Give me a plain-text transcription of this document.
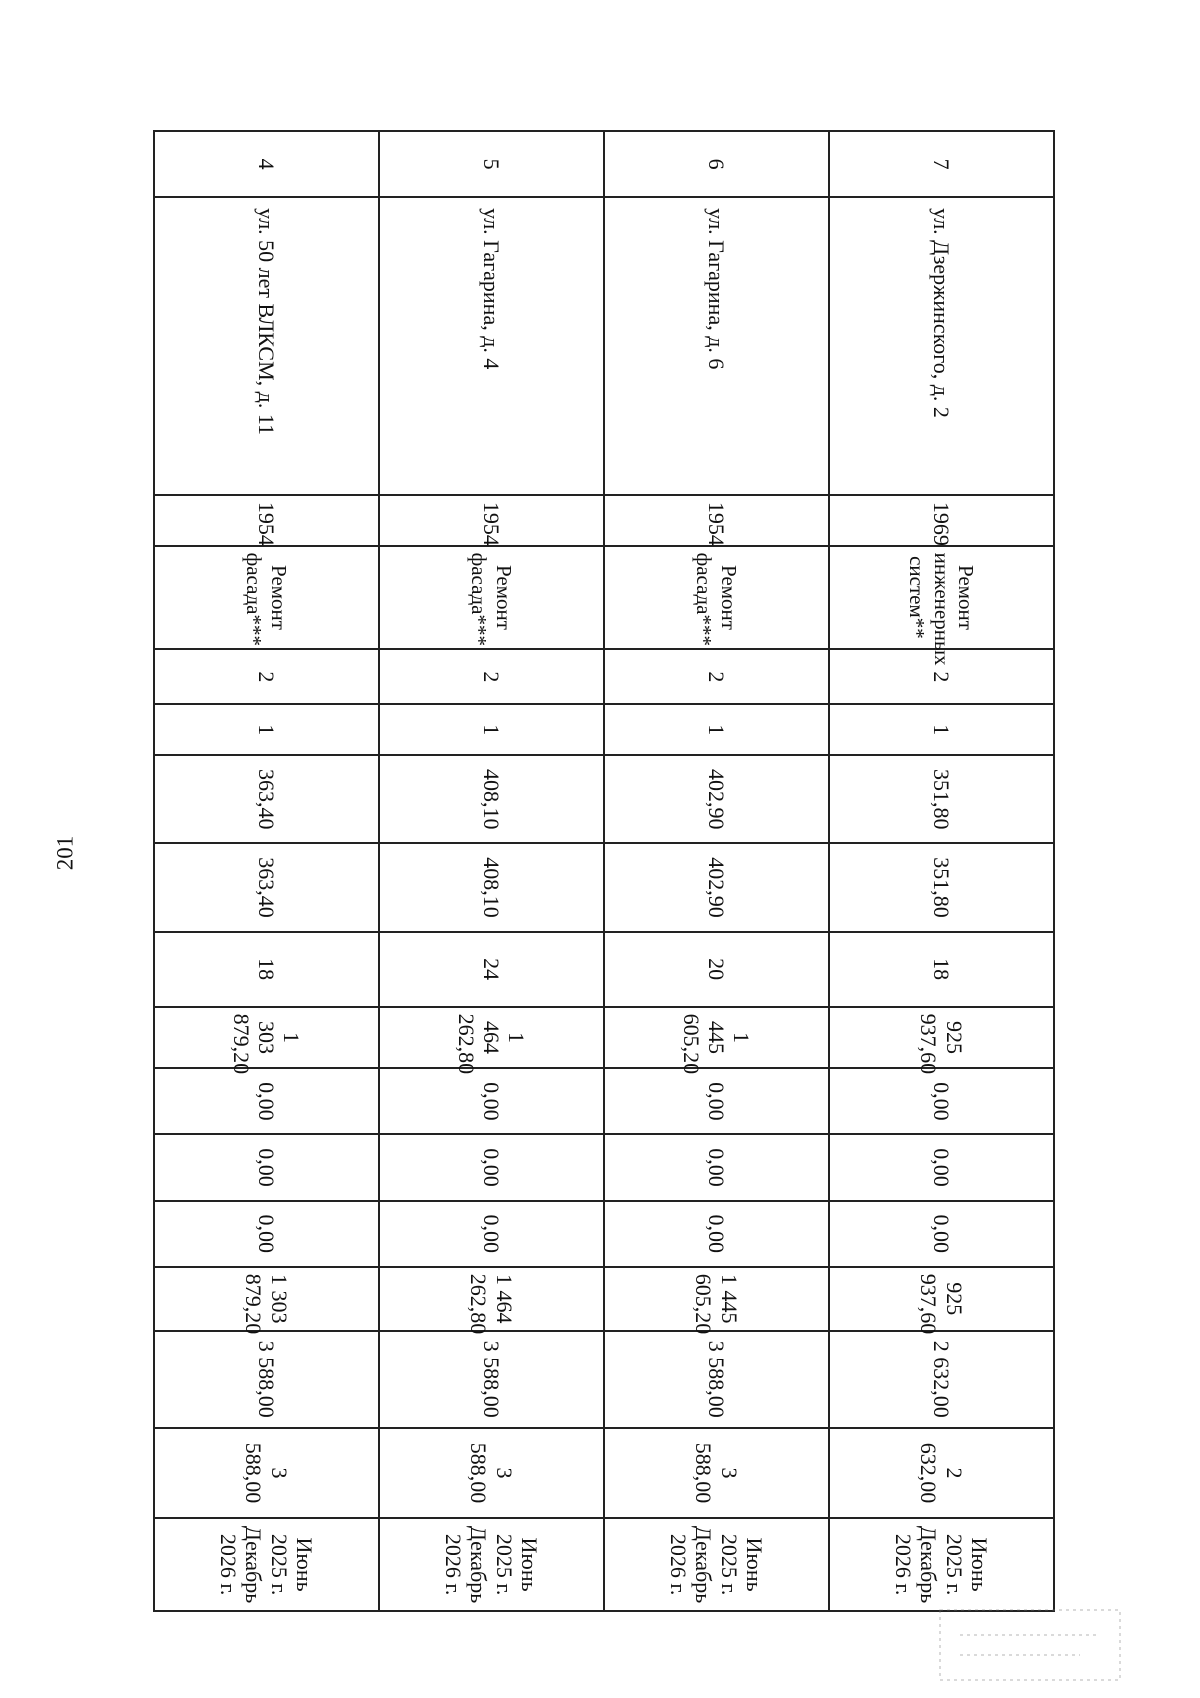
201
7	ул. Дзержинского, д. 2	1969	Ремонт инженерных систем**	2	1	351,80	351,80	18	925 937,60	0,00	0,00	0,00	925 937,60	2 632,00	2 632,00	Июнь 2025 г. Декабрь 2026 г.
6	ул. Гагарина, д. 6	1954	Ремонт фасада***	2	1	402,90	402,90	20	1 445 605,20	0,00	0,00	0,00	1 445 605,20	3 588,00	3 588,00	Июнь 2025 г. Декабрь 2026 г.
5	ул. Гагарина, д. 4	1954	Ремонт фасада***	2	1	408,10	408,10	24	1 464 262,80	0,00	0,00	0,00	1 464 262,80	3 588,00	3 588,00	Июнь 2025 г. Декабрь 2026 г.
4	ул. 50 лет ВЛКСМ, д. 11	1954	Ремонт фасада***	2	1	363,40	363,40	18	1 303 879,20	0,00	0,00	0,00	1 303 879,20	3 588,00	3 588,00	Июнь 2025 г. Декабрь 2026 г.
